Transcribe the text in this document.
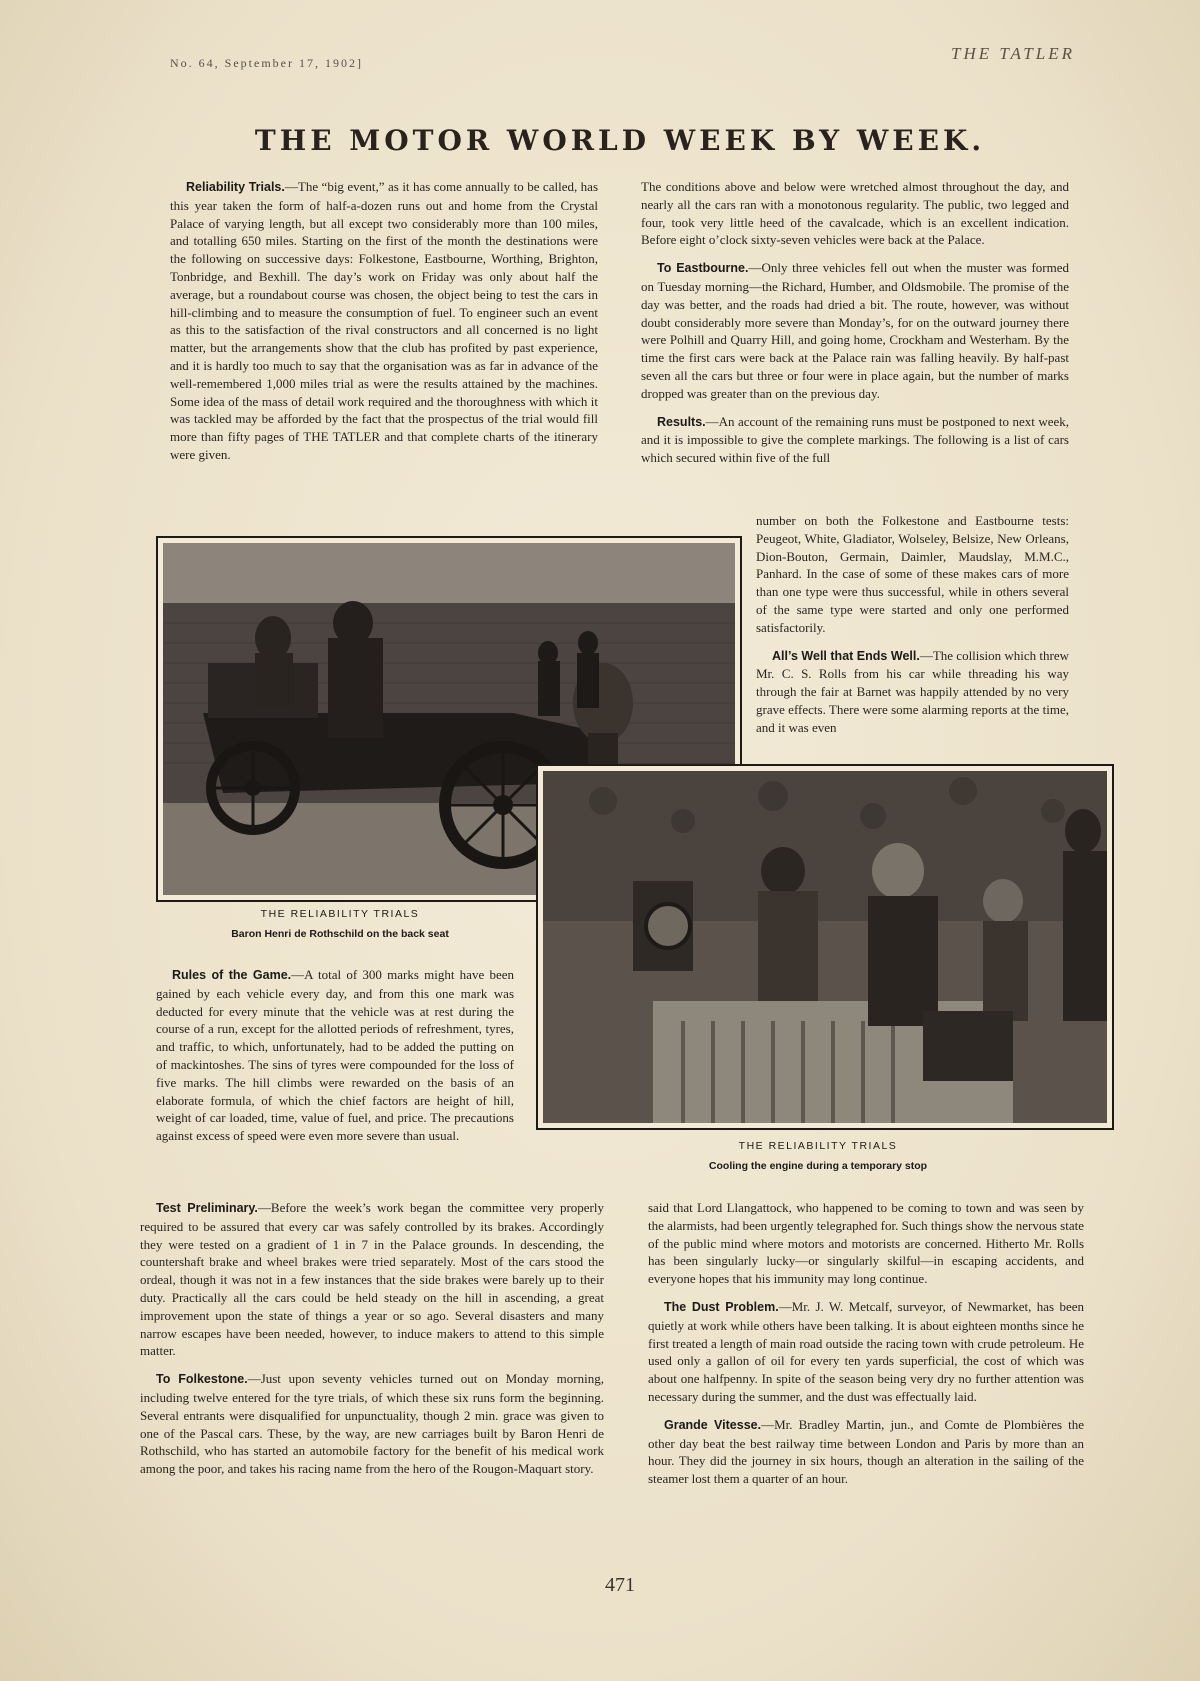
No. 64, September 17, 1902]	THE TATLER
THE MOTOR WORLD WEEK BY WEEK.

Reliability Trials.—The “big event,” as it has come annually to be called, has this year taken the form of half-a-dozen runs out and home from the Crystal Palace of varying length, but all except two considerably more than 100 miles, and totalling 650 miles. Starting on the first of the month the destinations were the following on successive days: Folkestone, Eastbourne, Worthing, Brighton, Tonbridge, and Bexhill. The day’s work on Friday was only about half the average, but a roundabout course was chosen, the object being to test the cars in hill-climbing and to measure the consumption of fuel. To engineer such an event as this to the satisfaction of the rival constructors and all concerned is no light matter, but the arrangements show that the club has profited by past experience, and it is hardly too much to say that the organisation was as far in advance of the well-remembered 1,000 miles trial as were the results attained by the machines. Some idea of the mass of detail work required and the thoroughness with which it was tackled may be afforded by the fact that the prospectus of the trial would fill more than fifty pages of THE TATLER and that complete charts of the itinerary were given.

The conditions above and below were wretched almost throughout the day, and nearly all the cars ran with a monotonous regularity. The public, two legged and four, took very little heed of the cavalcade, which is an excellent indication. Before eight o’clock sixty-seven vehicles were back at the Palace.

To Eastbourne.—Only three vehicles fell out when the muster was formed on Tuesday morning—the Richard, Humber, and Oldsmobile. The promise of the day was better, and the roads had dried a bit. The route, however, was without doubt considerably more severe than Monday’s, for on the outward journey there were Polhill and Quarry Hill, and going home, Crockham and Westerham. By the time the first cars were back at the Palace rain was falling heavily. By half-past seven all the cars but three or four were in place again, but the number of marks dropped was greater than on the previous day.

Results.—An account of the remaining runs must be postponed to next week, and it is impossible to give the complete markings. The following is a list of cars which secured within five of the full

number on both the Folkestone and Eastbourne tests: Peugeot, White, Gladiator, Wolseley, Belsize, New Orleans, Dion-Bouton, Germain, Daimler, Maudslay, M.M.C., Panhard. In the case of some of these makes cars of more than one type were thus successful, while in others several of the same type were started and only one performed satisfactorily.

All’s Well that Ends Well.—The collision which threw Mr. C. S. Rolls from his car while threading his way through the fair at Barnet was happily attended by no very grave effects. There were some alarming reports at the time, and it was even

THE RELIABILITY TRIALS
Baron Henri de Rothschild on the back seat

Rules of the Game.—A total of 300 marks might have been gained by each vehicle every day, and from this one mark was deducted for every minute that the vehicle was at rest during the course of a run, except for the allotted periods of refreshment, tyres, and traffic, to which, unfortunately, had to be added the putting on of mackintoshes. The sins of tyres were compounded for the loss of five marks. The hill climbs were rewarded on the basis of an elaborate formula, of which the chief factors are height of hill, weight of car loaded, time, value of fuel, and price. The precautions against excess of speed were even more severe than usual.

THE RELIABILITY TRIALS
Cooling the engine during a temporary stop

Test Preliminary.—Before the week’s work began the committee very properly required to be assured that every car was safely controlled by its brakes. Accordingly they were tested on a gradient of 1 in 7 in the Palace grounds. In descending, the countershaft brake and wheel brakes were tried separately. Most of the cars stood the ordeal, though it was not in a few instances that the side brakes were barely up to their duty. Practically all the cars could be held steady on the hill in ascending, a great improvement upon the state of things a year or so ago. Several disasters and many narrow escapes have been needed, however, to induce makers to attend to this simple matter.

To Folkestone.—Just upon seventy vehicles turned out on Monday morning, including twelve entered for the tyre trials, of which these six runs form the beginning. Several entrants were disqualified for unpunctuality, though 2 min. grace was given to one of the Pascal cars. These, by the way, are new carriages built by Baron Henri de Rothschild, who has started an automobile factory for the benefit of his medical work among the poor, and takes his racing name from the hero of the Rougon-Maquart story.

said that Lord Llangattock, who happened to be coming to town and was seen by the alarmists, had been urgently telegraphed for. Such things show the nervous state of the public mind where motors and motorists are concerned. Hitherto Mr. Rolls has been singularly lucky—or singularly skilful—in escaping accidents, and everyone hopes that his immunity may long continue.

The Dust Problem.—Mr. J. W. Metcalf, surveyor, of Newmarket, has been quietly at work while others have been talking. It is about eighteen months since he first treated a length of main road outside the racing town with crude petroleum. He used only a gallon of oil for every ten yards superficial, the cost of which was about one halfpenny. In spite of the season being very dry no further attention was necessary during the summer, and the dust was effectually laid.

Grande Vitesse.—Mr. Bradley Martin, jun., and Comte de Plombières the other day beat the best railway time between London and Paris by more than an hour. They did the journey in six hours, though an alteration in the sailing of the steamer lost them a quarter of an hour.

471
